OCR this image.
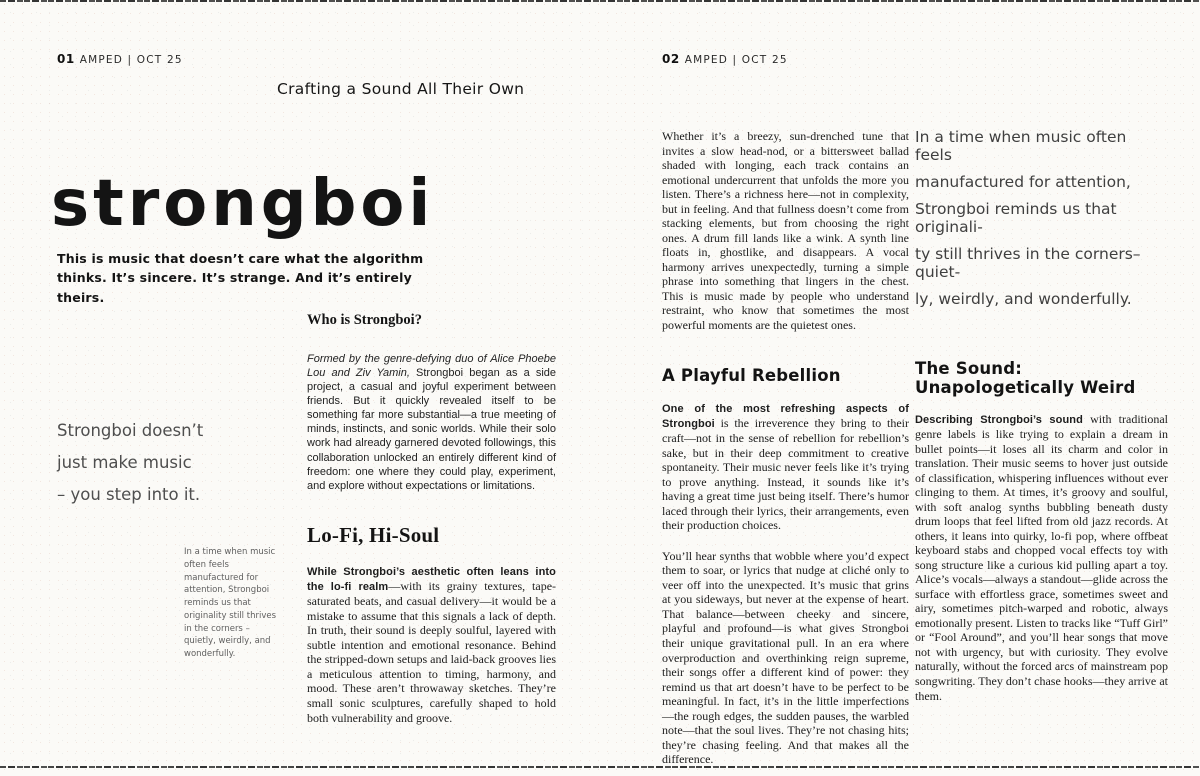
01 AMPED | OCT 25
Crafting a Sound All Their Own
strongboi
This is music that doesn’t care what the algorithm
thinks. It’s sincere. It’s strange. And it’s entirely theirs.
Strongboi doesn’t
just make music
– you step into it.
In a time when music often feels manufactured for attention, Strongboi reminds us that originality still thrives in the corners – quietly, weirdly, and wonderfully.
Who is Strongboi?

Formed by the genre-defying duo of Alice Phoebe Lou and Ziv Yamin, Strongboi began as a side project, a casual and joyful experiment between friends. But it quickly revealed itself to be something far more substantial—a true meeting of minds, instincts, and sonic worlds. While their solo work had already garnered devoted followings, this collaboration unlocked an entirely different kind of freedom: one where they could play, experiment, and explore without expectations or limitations.

Lo-Fi, Hi-Soul

While Strongboi’s aesthetic often leans into the lo-fi realm—with its grainy textures, tape-saturated beats, and casual delivery—it would be a mistake to assume that this signals a lack of depth. In truth, their sound is deeply soulful, layered with subtle intention and emotional resonance. Behind the stripped-down setups and laid-back grooves lies a meticulous attention to timing, harmony, and mood. These aren’t throwaway sketches. They’re small sonic sculptures, carefully shaped to hold both vulnerability and groove.

02 AMPED | OCT 25

Whether it’s a breezy, sun-drenched tune that invites a slow head-nod, or a bittersweet ballad shaded with longing, each track contains an emotional undercurrent that unfolds the more you listen. There’s a richness here—not in complexity, but in feeling. And that fullness doesn’t come from stacking elements, but from choosing the right ones. A drum fill lands like a wink. A synth line floats in, ghostlike, and disappears. A vocal harmony arrives unexpectedly, turning a simple phrase into something that lingers in the chest. This is music made by people who understand restraint, who know that sometimes the most powerful moments are the quietest ones.

A Playful Rebellion

One of the most refreshing aspects of Strongboi is the irreverence they bring to their craft—not in the sense of rebellion for rebellion’s sake, but in their deep commitment to creative spontaneity. Their music never feels like it’s trying to prove anything. Instead, it sounds like it’s having a great time just being itself. There’s humor laced through their lyrics, their arrangements, even their production choices.

You’ll hear synths that wobble where you’d expect them to soar, or lyrics that nudge at cliché only to veer off into the unexpected. It’s music that grins at you sideways, but never at the expense of heart. That balance—between cheeky and sincere, playful and profound—is what gives Strongboi their unique gravitational pull. In an era where overproduction and overthinking reign supreme, their songs offer a different kind of power: they remind us that art doesn’t have to be perfect to be meaningful. In fact, it’s in the little imperfections—the rough edges, the sudden pauses, the warbled note—that the soul lives. They’re not chasing hits; they’re chasing feeling. And that makes all the difference.

In a time when music often feels
manufactured for attention,
Strongboi reminds us that originali-
ty still thrives in the corners–quiet-
ly, weirdly, and wonderfully.
The Sound:
Unapologetically Weird

Describing Strongboi’s sound with traditional genre labels is like trying to explain a dream in bullet points—it loses all its charm and color in translation. Their music seems to hover just outside of classification, whispering influences without ever clinging to them. At times, it’s groovy and soulful, with soft analog synths bubbling beneath dusty drum loops that feel lifted from old jazz records. At others, it leans into quirky, lo-fi pop, where offbeat keyboard stabs and chopped vocal effects toy with song structure like a curious kid pulling apart a toy. Alice’s vocals—always a standout—glide across the surface with effortless grace, sometimes sweet and airy, sometimes pitch-warped and robotic, always emotionally present. Listen to tracks like “Tuff Girl” or “Fool Around”, and you’ll hear songs that move not with urgency, but with curiosity. They evolve naturally, without the forced arcs of mainstream pop songwriting. They don’t chase hooks—they arrive at them.
